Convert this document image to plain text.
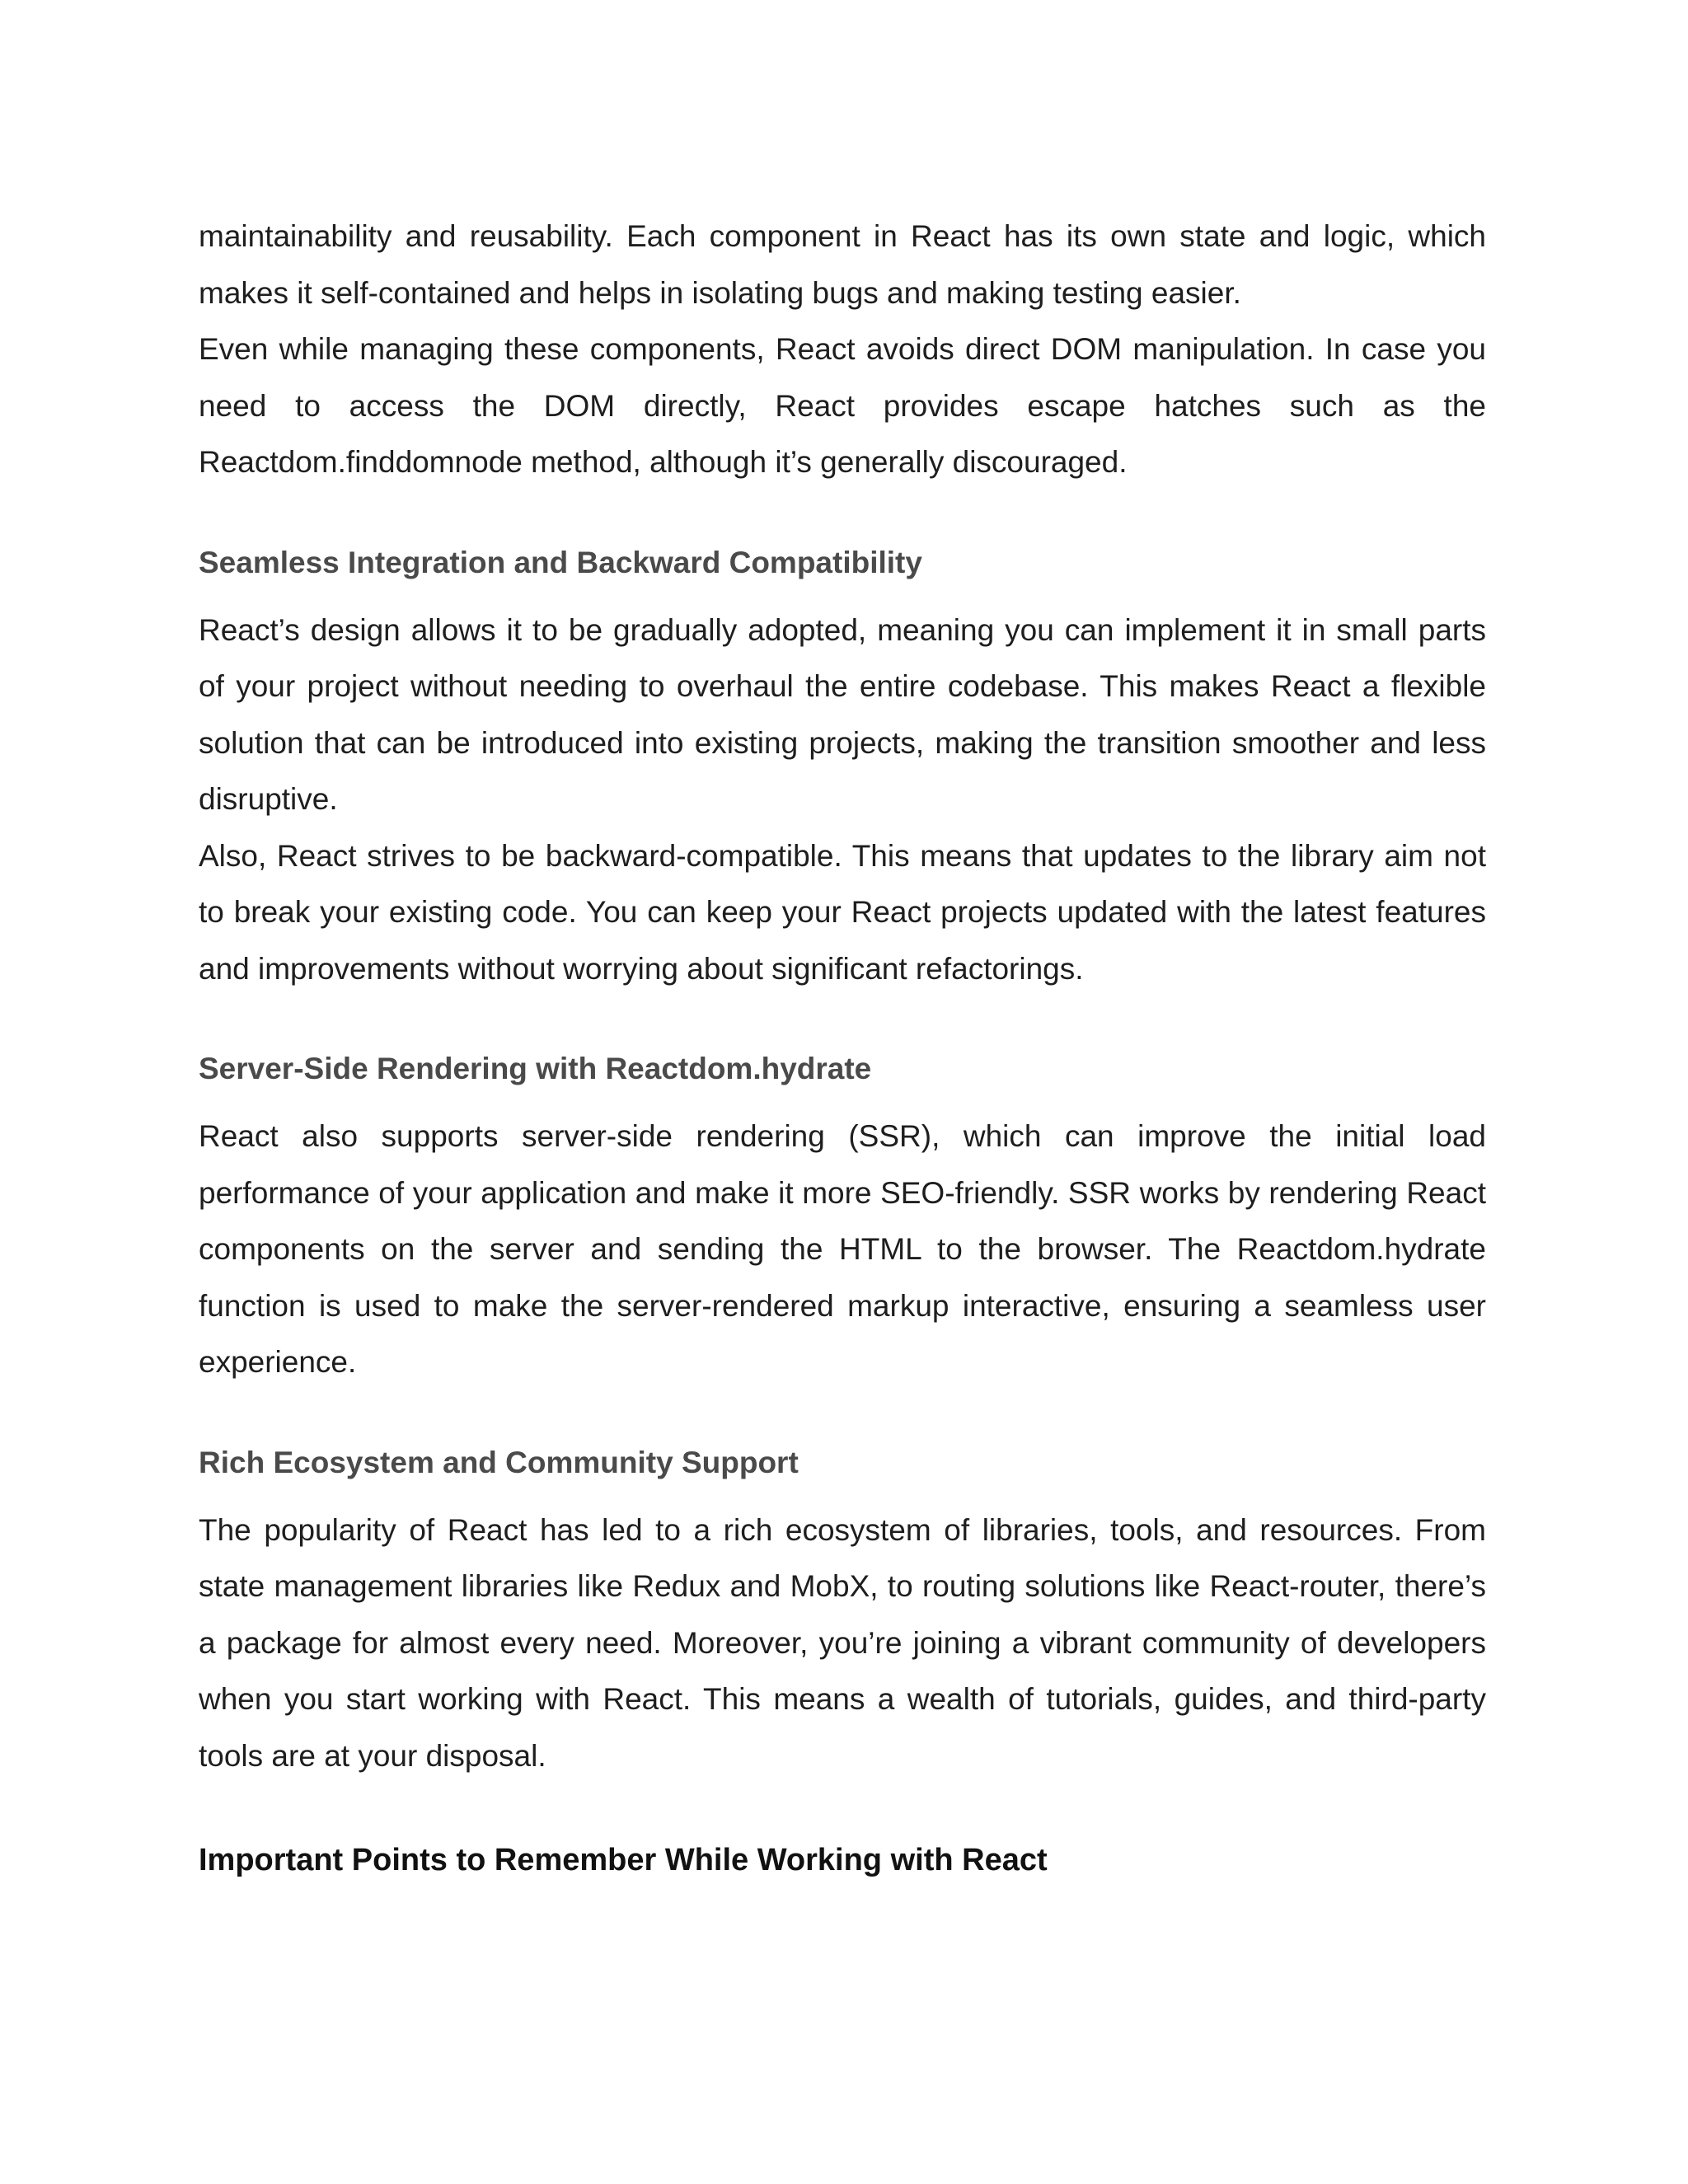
maintainability and reusability. Each component in React has its own state and logic, which makes it self-contained and helps in isolating bugs and making testing easier.

Even while managing these components, React avoids direct DOM manipulation. In case you need to access the DOM directly, React provides escape hatches such as the Reactdom.finddomnode method, although it’s generally discouraged.

Seamless Integration and Backward Compatibility

React’s design allows it to be gradually adopted, meaning you can implement it in small parts of your project without needing to overhaul the entire codebase. This makes React a flexible solution that can be introduced into existing projects, making the transition smoother and less disruptive.

Also, React strives to be backward-compatible. This means that updates to the library aim not to break your existing code. You can keep your React projects updated with the latest features and improvements without worrying about significant refactorings.

Server-Side Rendering with Reactdom.hydrate

React also supports server-side rendering (SSR), which can improve the initial load performance of your application and make it more SEO-friendly. SSR works by rendering React components on the server and sending the HTML to the browser. The Reactdom.hydrate function is used to make the server-rendered markup interactive, ensuring a seamless user experience.

Rich Ecosystem and Community Support

The popularity of React has led to a rich ecosystem of libraries, tools, and resources. From state management libraries like Redux and MobX, to routing solutions like React-router, there’s a package for almost every need. Moreover, you’re joining a vibrant community of developers when you start working with React. This means a wealth of tutorials, guides, and third-party tools are at your disposal.

Important Points to Remember While Working with React
